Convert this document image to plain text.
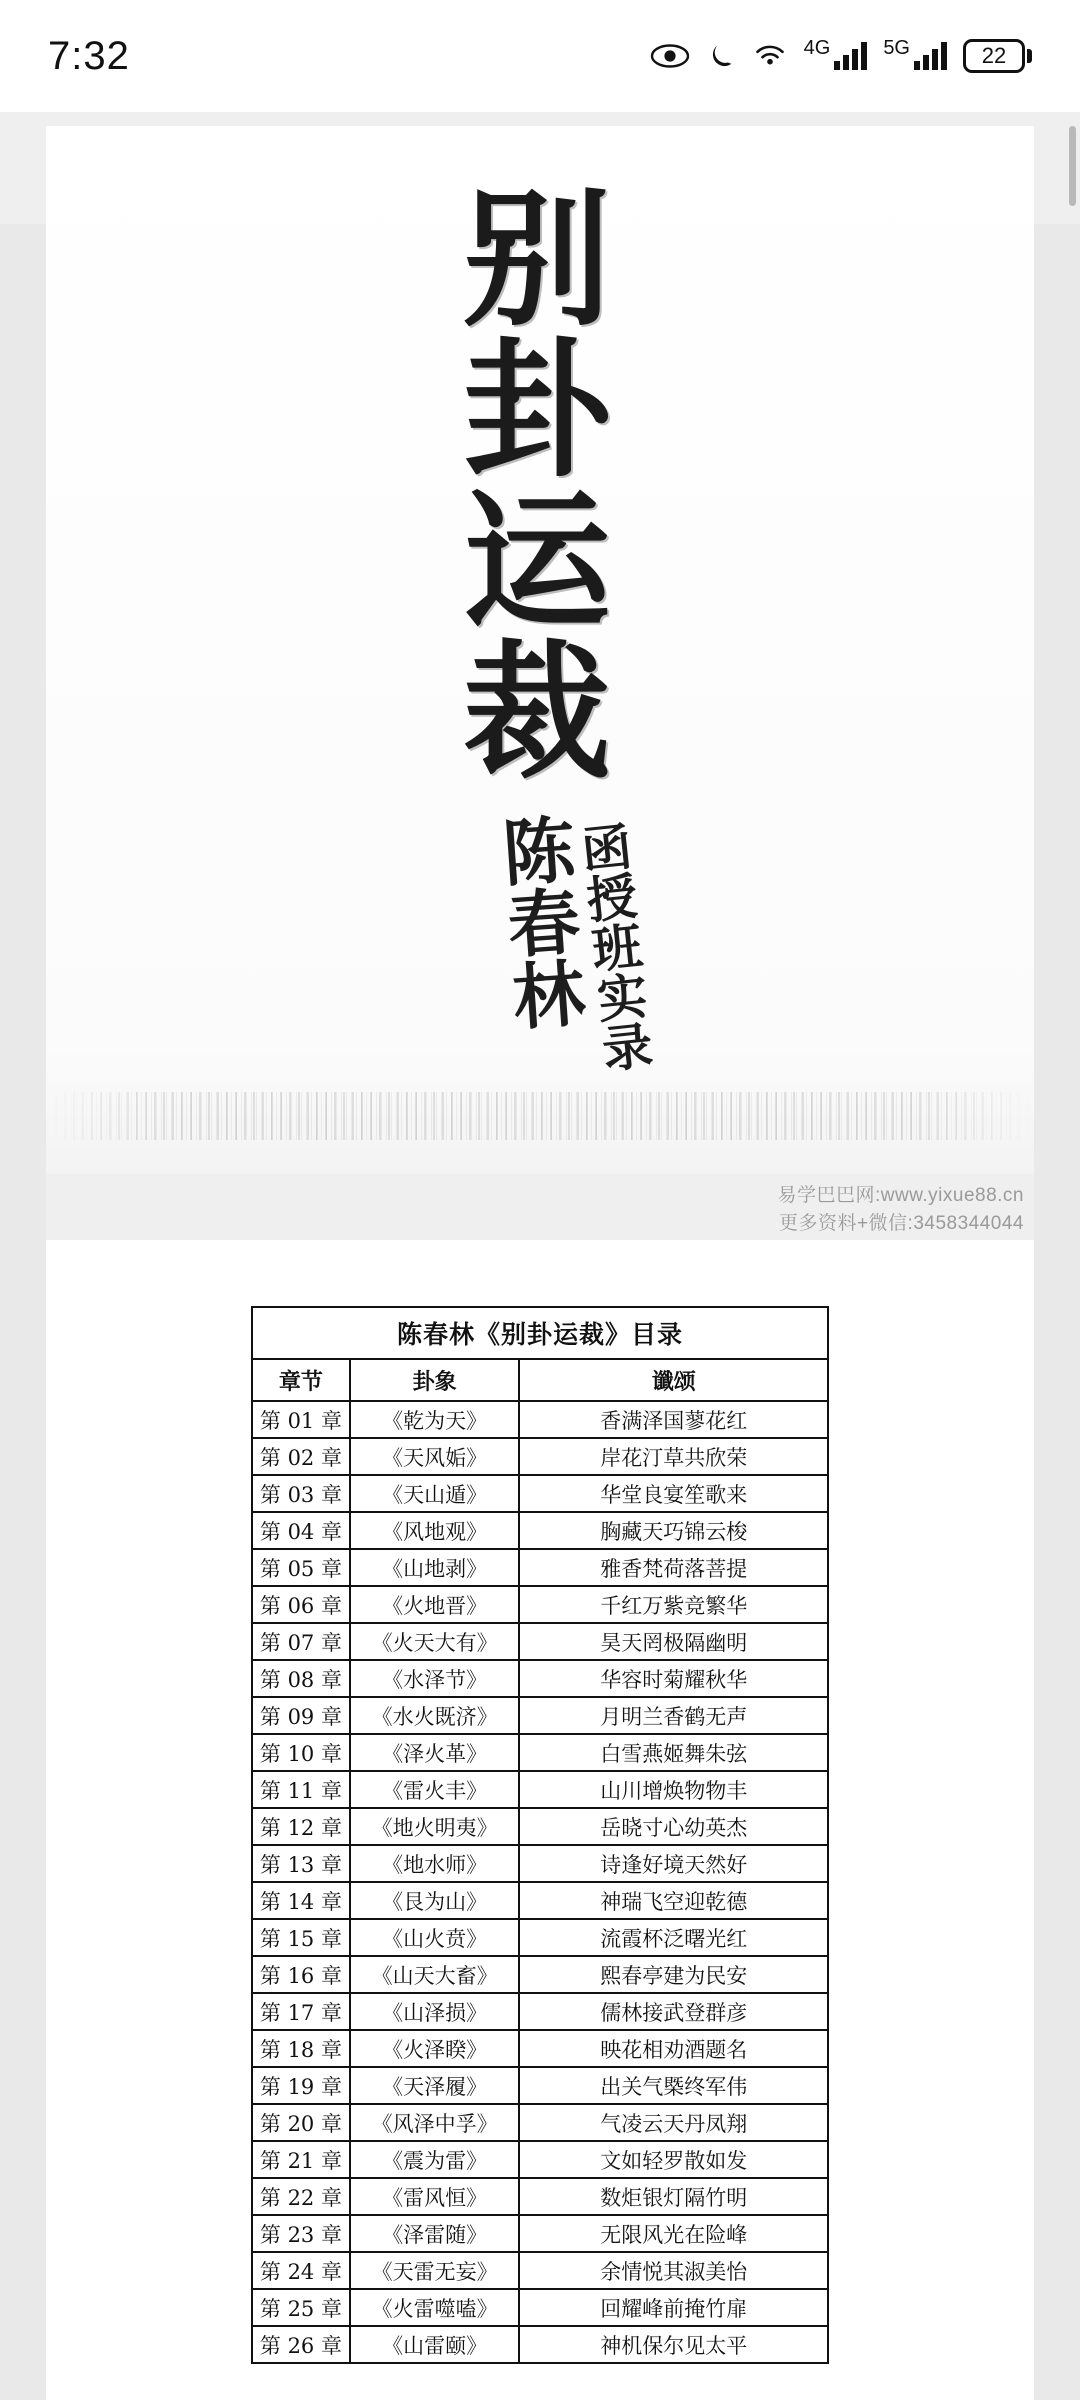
7:32	4G	5G	22
别
卦
运
裁
陈春林
函授班实录
易学巴巴网:www.yixue88.cn
更多资料+微信:3458344044
陈春林《别卦运裁》目录		
章节	卦象	谶颂
第 01 章	《乾为天》	香满泽国蓼花红
第 02 章	《天风姤》	岸花汀草共欣荣
第 03 章	《天山遁》	华堂良宴笙歌来
第 04 章	《风地观》	胸藏天巧锦云梭
第 05 章	《山地剥》	雅香梵荷落菩提
第 06 章	《火地晋》	千红万紫竞繁华
第 07 章	《火天大有》	昊天罔极隔幽明
第 08 章	《水泽节》	华容时菊耀秋华
第 09 章	《水火既济》	月明兰香鹤无声
第 10 章	《泽火革》	白雪燕姬舞朱弦
第 11 章	《雷火丰》	山川增焕物物丰
第 12 章	《地火明夷》	岳晓寸心幼英杰
第 13 章	《地水师》	诗逢好境天然好
第 14 章	《艮为山》	神瑞飞空迎乾德
第 15 章	《山火贲》	流霞杯泛曙光红
第 16 章	《山天大畜》	熙春亭建为民安
第 17 章	《山泽损》	儒林接武登群彦
第 18 章	《火泽睽》	映花相劝酒题名
第 19 章	《天泽履》	出关气槩终军伟
第 20 章	《风泽中孚》	气凌云天丹凤翔
第 21 章	《震为雷》	文如轻罗散如发
第 22 章	《雷风恒》	数炬银灯隔竹明
第 23 章	《泽雷随》	无限风光在险峰
第 24 章	《天雷无妄》	余情悦其淑美怡
第 25 章	《火雷噬嗑》	回耀峰前掩竹扉
第 26 章	《山雷颐》	神机保尔见太平
